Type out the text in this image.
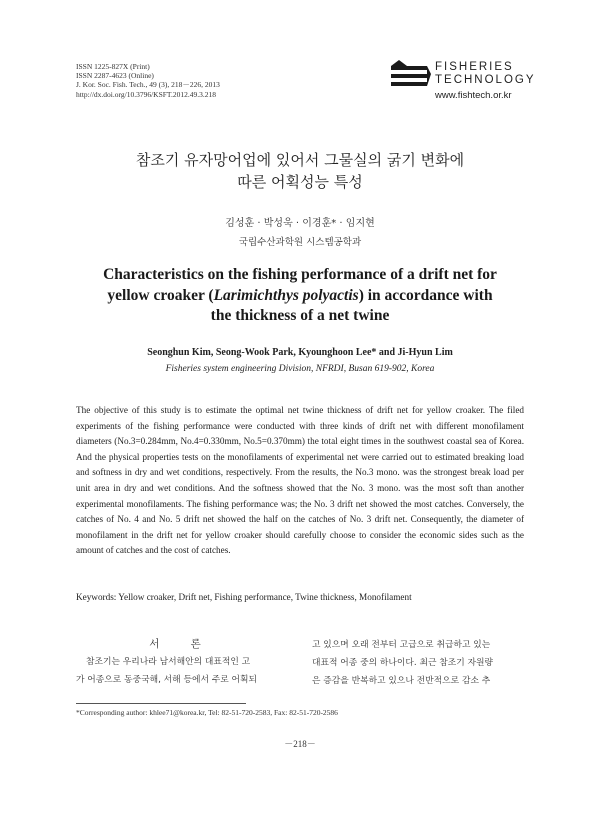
ISSN 1225-827X (Print)
ISSN 2287-4623 (Online)
J. Kor. Soc. Fish. Tech., 49 (3), 218－226, 2013
http://dx.doi.org/10.3796/KSFT.2012.49.3.218
FISHERIES
TECHNOLOGY
www.fishtech.or.kr
참조기 유자망어업에 있어서 그물실의 굵기 변화에
따른 어획성능 특성
김성훈 · 박성욱 · 이경훈* · 임지현
국립수산과학원 시스템공학과
Characteristics on the fishing performance of a drift net for
yellow croaker (Larimichthys polyactis) in accordance with
the thickness of a net twine
Seonghun Kim, Seong-Wook Park, Kyounghoon Lee* and Ji-Hyun Lim
Fisheries system engineering Division, NFRDI, Busan 619-902, Korea
The objective of this study is to estimate the optimal net twine thickness of drift net for yellow croaker. The filed experiments of the fishing performance were conducted with three kinds of drift net with different monofilament diameters (No.3=0.284mm, No.4=0.330mm, No.5=0.370mm) the total eight times in the southwest coastal sea of Korea. And the physical properties tests on the monofilaments of experimental net were carried out to estimated breaking load and softness in dry and wet conditions, respectively. From the results, the No.3 mono. was the strongest break load per unit area in dry and wet conditions. And the softness showed that the No. 3 mono. was the most soft than another experimental monofilaments. The fishing performance was; the No. 3 drift net showed the most catches. Conversely, the catches of No. 4 and No. 5 drift net showed the half on the catches of No. 3 drift net. Consequently, the diameter of monofilament in the drift net for yellow croaker should carefully choose to consider the economic sides such as the amount of catches and the cost of catches.
Keywords: Yellow croaker, Drift net, Fishing performance, Twine thickness, Monofilament
서 론
참조기는 우리나라 남서해안의 대표적인 고
가 어종으로 동중국해, 서해 등에서 주로 어획되
고 있으며 오래 전부터 고급으로 취급하고 있는
대표적 어종 중의 하나이다. 최근 참조기 자원량
은 증감을 반복하고 있으나 전반적으로 감소 추
*Corresponding author: khlee71@korea.kr, Tel: 82-51-720-2583, Fax: 82-51-720-2586
－218－
